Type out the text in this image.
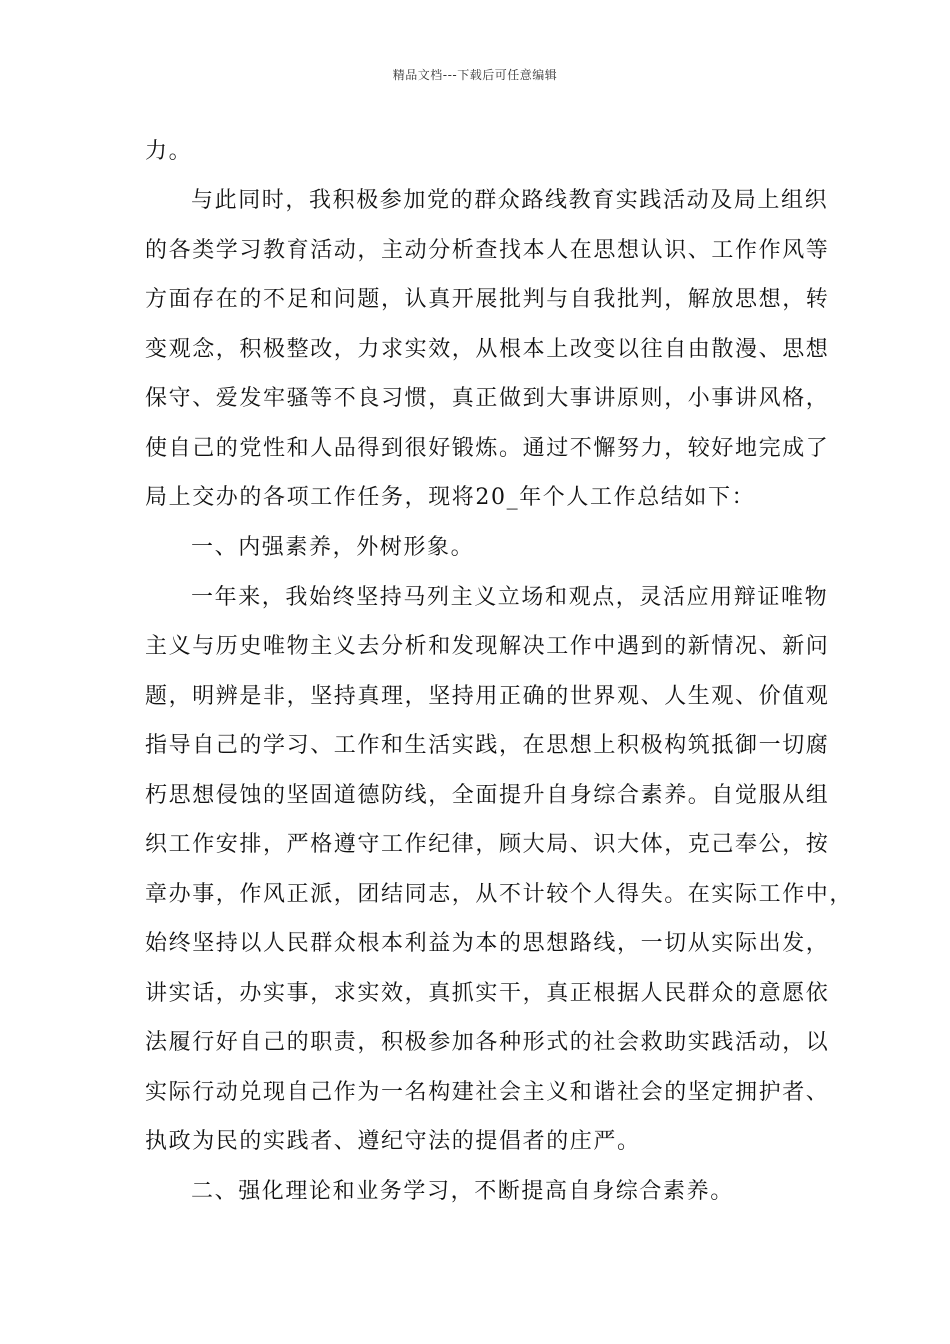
精品文档---下载后可任意编辑
力。
与此同时，我积极参加党的群众路线教育实践活动及局上组织
的各类学习教育活动，主动分析查找本人在思想认识、工作作风等
方面存在的不足和问题，认真开展批判与自我批判，解放思想，转
变观念，积极整改，力求实效，从根本上改变以往自由散漫、思想
保守、爱发牢骚等不良习惯，真正做到大事讲原则，小事讲风格，
使自己的党性和人品得到很好锻炼。通过不懈努力，较好地完成了
局上交办的各项工作任务，现将20_年个人工作总结如下：
一、内强素养，外树形象。
一年来，我始终坚持马列主义立场和观点，灵活应用辩证唯物
主义与历史唯物主义去分析和发现解决工作中遇到的新情况、新问
题，明辨是非，坚持真理，坚持用正确的世界观、人生观、价值观
指导自己的学习、工作和生活实践，在思想上积极构筑抵御一切腐
朽思想侵蚀的坚固道德防线，全面提升自身综合素养。自觉服从组
织工作安排，严格遵守工作纪律，顾大局、识大体，克己奉公，按
章办事，作风正派，团结同志，从不计较个人得失。在实际工作中，
始终坚持以人民群众根本利益为本的思想路线，一切从实际出发，
讲实话，办实事，求实效，真抓实干，真正根据人民群众的意愿依
法履行好自己的职责，积极参加各种形式的社会救助实践活动，以
实际行动兑现自己作为一名构建社会主义和谐社会的坚定拥护者、
执政为民的实践者、遵纪守法的提倡者的庄严。
二、强化理论和业务学习，不断提高自身综合素养。
